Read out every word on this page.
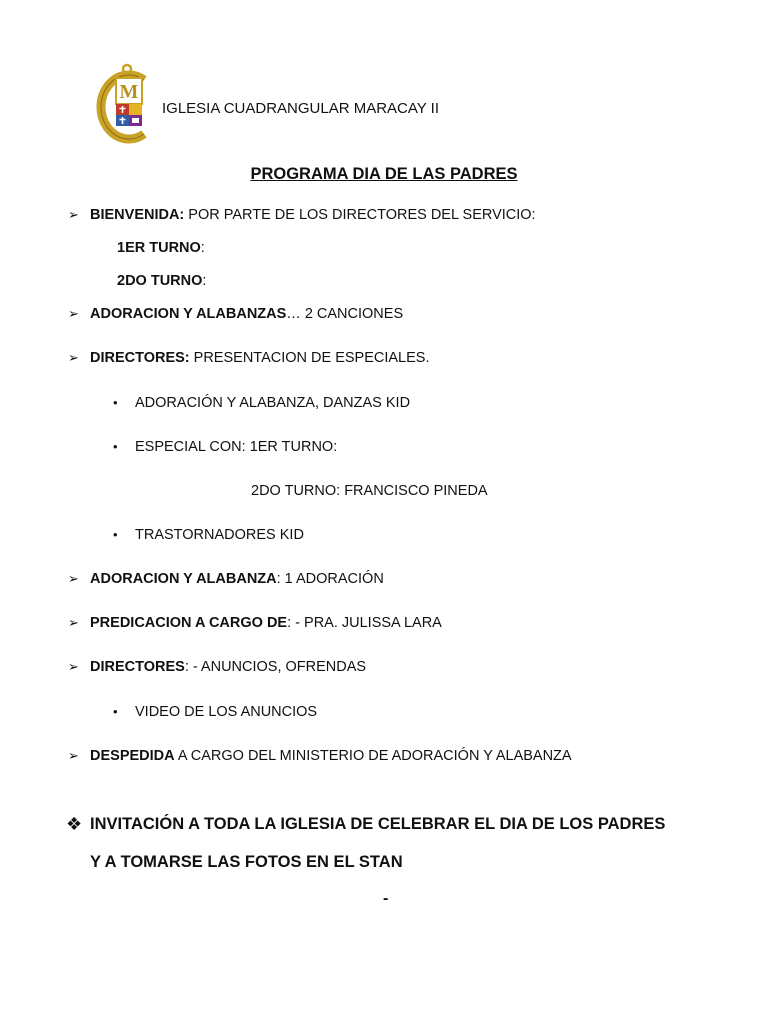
M
IGLESIA CUADRANGULAR MARACAY II
PROGRAMA DIA DE LAS PADRES
➢ BIENVENIDA: POR PARTE DE LOS DIRECTORES DEL SERVICIO:
1ER TURNO:
2DO TURNO:
➢ ADORACION Y ALABANZAS… 2 CANCIONES
➢ DIRECTORES: PRESENTACION DE ESPECIALES.
• ADORACIÓN Y ALABANZA, DANZAS KID
• ESPECIAL CON: 1ER TURNO:
2DO TURNO: FRANCISCO PINEDA
• TRASTORNADORES KID
➢ ADORACION Y ALABANZA: 1 ADORACIÓN
➢ PREDICACION A CARGO DE: - PRA. JULISSA LARA
➢ DIRECTORES: - ANUNCIOS, OFRENDAS
• VIDEO DE LOS ANUNCIOS
➢ DESPEDIDA A CARGO DEL MINISTERIO DE ADORACIÓN Y ALABANZA
❖ INVITACIÓN A TODA LA IGLESIA DE CELEBRAR EL DIA DE LOS PADRES
Y A TOMARSE LAS FOTOS EN EL STAN
-
